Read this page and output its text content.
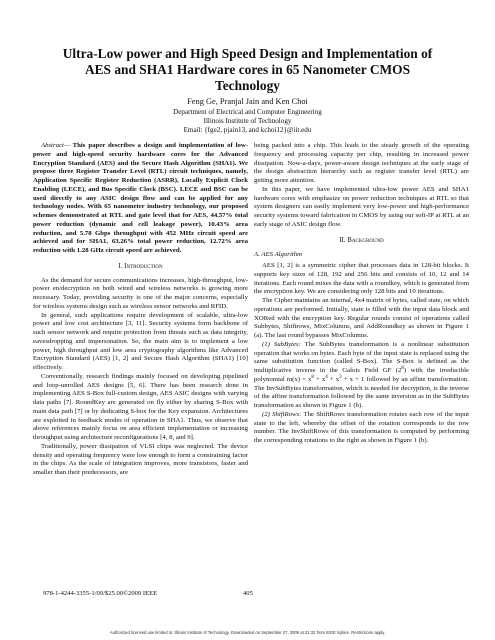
Ultra-Low power and High Speed Design and Implementation of
AES and SHA1 Hardware cores in 65 Nanometer CMOS
Technology
Feng Ge, Pranjal Jain and Ken Choi
Department of Electrical and Computer Engineering
Illinois Institute of Technology
Email: {fge2, pjain13, and kchoi12}@iit.edu

Abstract— This paper describes a design and implementation of low-power and high-speed security hardware cores for the Advanced Encryption Standard (AES) and the Secure Hash Algorithm (SHA1). We propose three Register Transfer Level (RTL) circuit techniques, namely, Application Specific Register Reduction (ASRR), Locally Explicit Clock Enabling (LECE), and Bus Specific Clock (BSC). LECE and BSC can be used directly to any ASIC design flow and can be applied for any technology nodes. With 65 nanometer industry technology, our proposed schemes demonstrated at RTL and gate level that for AES, 44.57% total power reduction (dynamic and cell leakage power), 10.43% area reduction, and 5.78 Gbps throughput with 452 MHz circuit speed are achieved and for SHA1, 63.26% total power reduction, 12.72% area reduction with 1.28 GHz circuit speed are achieved.

I. Introduction

As the demand for secure communications increases, high-throughput, low-power en/decryption on both wired and wireless networks is growing more necessary. Today, providing security is one of the major concerns, especially for wireless systems design such as wireless sensor networks and RFID.

In general, such applications require development of scalable, ultra-low power and low cost architecture [3, 11]. Security systems form backbone of such sensor network and require protection from threats such as data integrity, eavesdropping and impersonation. So, the main aim is to implement a low power, high throughput and low area cryptography algorithms like Advanced Encryption Standard (AES) [1, 2] and Secure Hash Algorithm (SHA1) [10] effectively.

Conventionally, research findings mainly focused on developing pipelined and loop-unrolled AES designs [5, 6]. There has been research done in implementing AES S-Box full-custom design, AES ASIC designs with varying data paths [7]. RoundKey are generated on fly either by sharing S-Box with main data path [7] or by dedicating S-box for the Key expansion. Architectures are exploited in feedback modes of operation in SHA1. Thus, we observe that above references mainly focus on area efficient implementation or increasing throughput using architecture reconfigurations [4, 8, and 9].

Traditionally, power dissipation of VLSI chips was neglected. The device density and operating frequency were low enough to form a constraining factor in the chips. As the scale of integration improves, more transistors, faster and smaller than their predecessors, are

being packed into a chip. This leads to the steady growth of the operating frequency and processing capacity per chip, resulting in increased power dissipation. Now-a-days, power-aware design techniques at the early stage of the design abstraction hierarchy such as register transfer level (RTL) are getting more attention.

In this paper, we have implemented ultra-low power AES and SHA1 hardware cores with emphasize on power reduction techniques at RTL so that system designers can easily implement very low-power and high-performance security systems toward fabrication in CMOS by using our soft-IP at RTL at an early stage of ASIC design flow.

II. Background
A. AES Algorithm

AES [1, 2] is a symmetric cipher that processes data in 128-bit blocks. It supports key sizes of 128, 192 and 256 bits and consists of 10, 12 and 14 iterations. Each round mixes the data with a roundkey, which is generated from the encryption key. We are considering only 128 bits and 10 iterations.

The Cipher maintains an internal, 4x4 matrix of bytes, called state, on which operations are performed. Initially, state is filled with the input data block and XORed with the encryption key. Regular rounds consist of operations called Subbytes, Shiftrows, MixColumns, and AddRoundkey as shown in Figure 1 (a). The last round bypasses MixColumns.

(1) SubBytes: The SubBytes transformation is a nonlinear substitution operation that works on bytes. Each byte of the input state is replaced using the same substitution function (called S-Box). The S-Box is defined as the multiplicative inverse in the Galois Field GF $(2^8)$ with the irreducible polynomial $m(x) = x^8 + x^4 + x^3 + x + 1$ followed by an affine transformation. The InvSubBytes transformation, which is needed for decryption, is the inverse of the affine transformation followed by the same inversion as in the SubBytes transformation as shown in Figure 1 (b).

(2) ShiftRows: The ShiftRows transformation rotates each row of the input state to the left, whereby the offset of the rotation corresponds to the row number. The InvShiftRows of this transformation is computed by performing the corresponding rotations to the right as shown in Figure 1 (b).

978-1-4244-3355-1/09/$25.00©2009 IEEE	405
Authorized licensed use limited to: Illinois Institute of Technology. Downloaded on September 27, 2009 at 21:32 from IEEE Xplore. Restrictions apply.
